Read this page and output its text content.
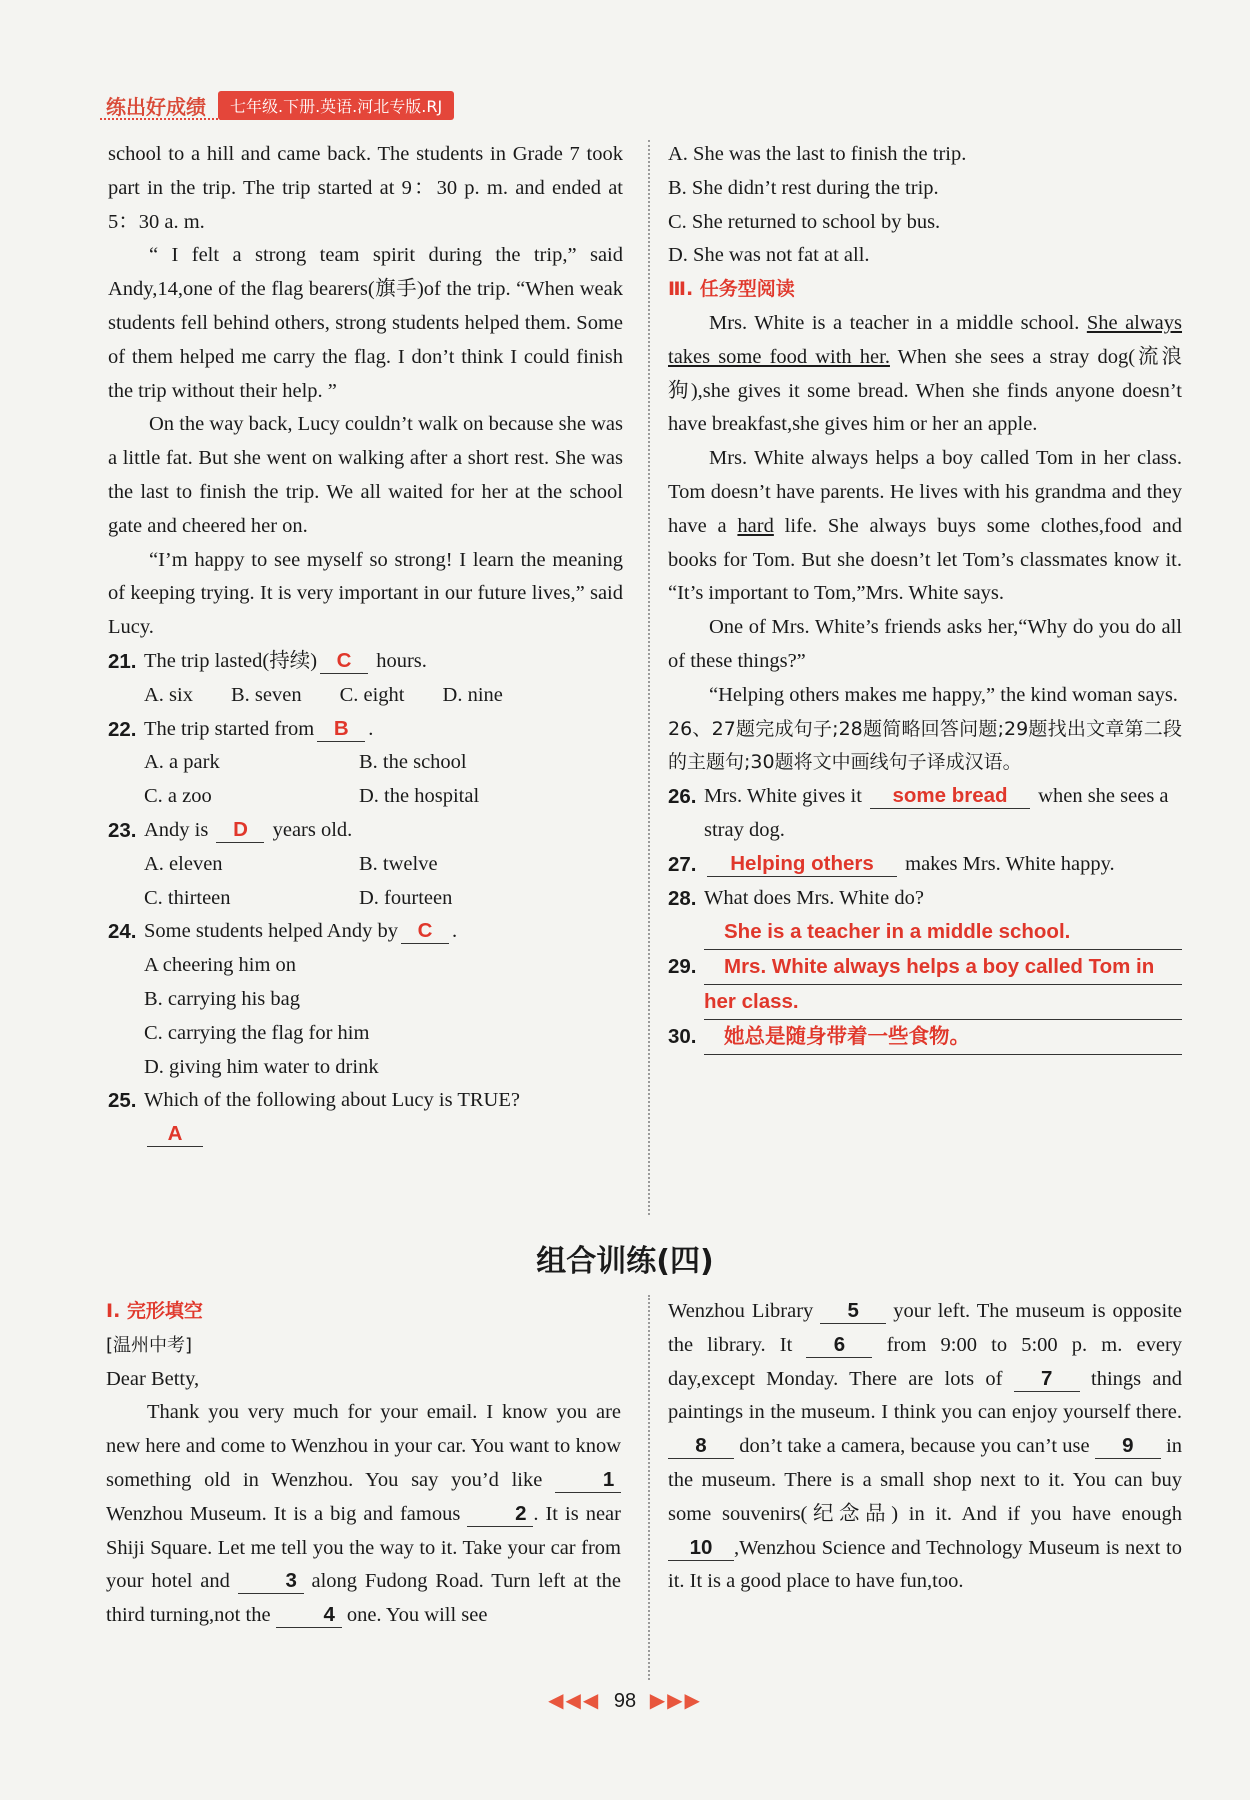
练出好成绩	七年级.下册.英语.河北专版.RJ

school to a hill and came back. The students in Grade 7 took part in the trip. The trip started at 9：30 p. m. and ended at 5：30 a. m.

“ I felt a strong team spirit during the trip,” said Andy,14,one of the flag bearers(旗手)of the trip. “When weak students fell behind others, strong students helped them. Some of them helped me carry the flag. I don’t think I could finish the trip without their help. ”

On the way back, Lucy couldn’t walk on because she was a little fat. But she went on walking after a short rest. She was the last to finish the trip. We all waited for her at the school gate and cheered her on.

“I’m happy to see myself so strong! I learn the meaning of keeping trying. It is very important in our future lives,” said Lucy.

21. The trip lasted(持续) C hours.
A. six B. seven C. eight D. nine
22. The trip started from B .
A. a park	B. the school
C. a zoo	D. the hospital
23. Andy is D years old.
A. eleven	B. twelve
C. thirteen	D. fourteen
24. Some students helped Andy by C .
A cheering him on
B. carrying his bag
C. carrying the flag for him
D. giving him water to drink
25. Which of the following about Lucy is TRUE?
A
A. She was the last to finish the trip.
B. She didn’t rest during the trip.
C. She returned to school by bus.
D. She was not fat at all.
Ⅲ. 任务型阅读

Mrs. White is a teacher in a middle school. She always takes some food with her. When she sees a stray dog(流浪狗),she gives it some bread. When she finds anyone doesn’t have breakfast,she gives him or her an apple.

Mrs. White always helps a boy called Tom in her class. Tom doesn’t have parents. He lives with his grandma and they have a hard life. She always buys some clothes,food and books for Tom. But she doesn’t let Tom’s classmates know it. “It’s important to Tom,”Mrs. White says.

One of Mrs. White’s friends asks her,“Why do you do all of these things?”

“Helping others makes me happy,” the kind woman says.

26、27题完成句子;28题简略回答问题;29题找出文章第二段的主题句;30题将文中画线句子译成汉语。

26. Mrs. White gives it some bread when she sees a stray dog.
27.	Helping others makes Mrs. White happy.
28. What does Mrs. White do?
She is a teacher in a middle school.
29.	Mrs. White always helps a boy called Tom in
her class.
30.	她总是随身带着一些食物。
组合训练(四)
Ⅰ. 完形填空
[温州中考]
Dear Betty,

Thank you very much for your email. I know you are new here and come to Wenzhou in your car. You want to know something old in Wenzhou. You say you’d like	1 Wenzhou Museum. It is a big and famous	2 . It is near Shiji Square. Let me tell you the way to it. Take your car from your hotel and	3 along Fudong Road. Turn left at the third turning,not the	4 one. You will see

Wenzhou Library 5 your left. The museum is opposite the library. It 6 from 9:00 to 5:00 p. m. every day,except Monday. There are lots of 7 things and paintings in the museum. I think you can enjoy yourself there. 8 don’t take a camera, because you can’t use 9 in the museum. There is a small shop next to it. You can buy some souvenirs(纪念品) in it. And if you have enough 10 ,Wenzhou Science and Technology Museum is next to it. It is a good place to have fun,too.

◀◀◀ 98 ▶▶▶
